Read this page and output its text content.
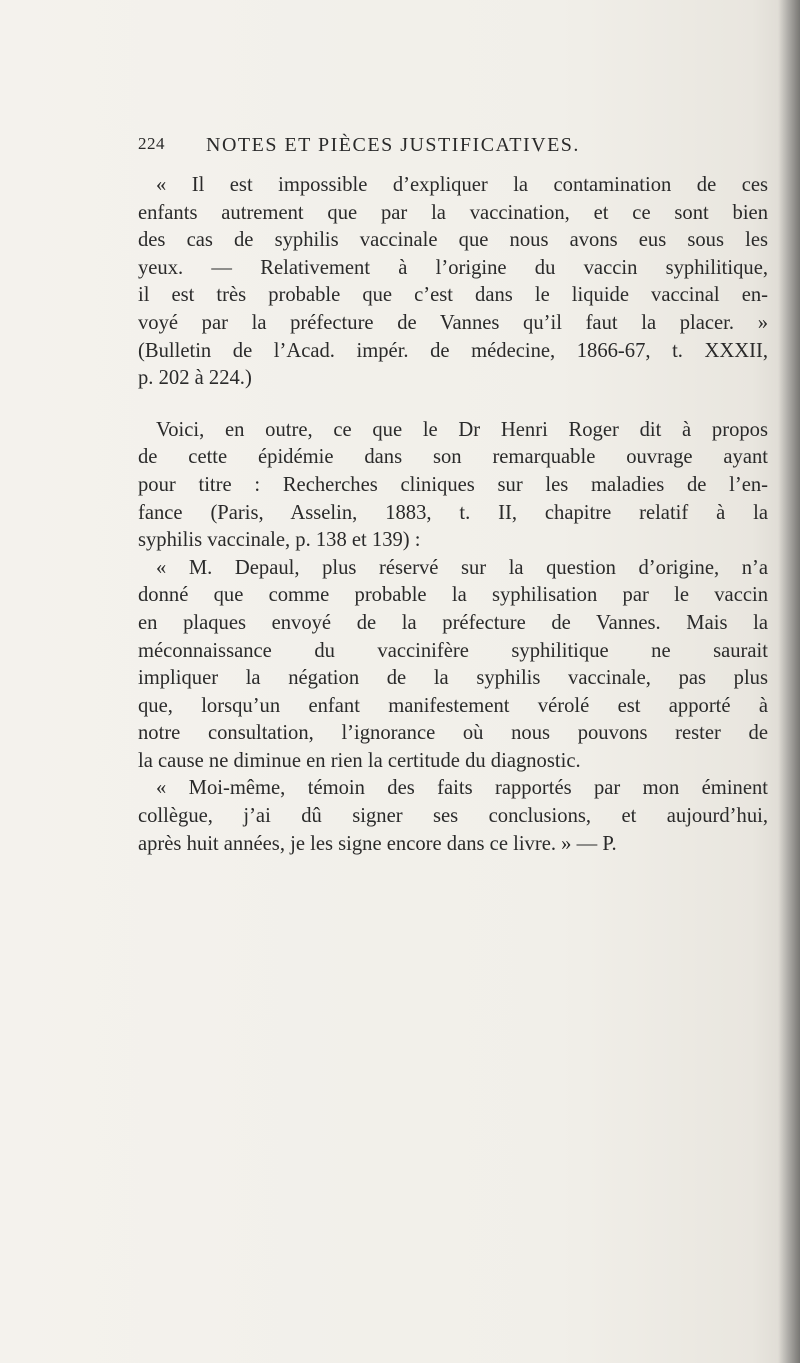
224 NOTES ET PIÈCES JUSTIFICATIVES.
« Il est impossible d’expliquer la contamination de ces
enfants autrement que par la vaccination, et ce sont bien
des cas de syphilis vaccinale que nous avons eus sous les
yeux. — Relativement à l’origine du vaccin syphilitique,
il est très probable que c’est dans le liquide vaccinal en-
voyé par la préfecture de Vannes qu’il faut la placer. »
(Bulletin de l’Acad. impér. de médecine, 1866-67, t. XXXII,
p. 202 à 224.)
Voici, en outre, ce que le Dr Henri Roger dit à propos
de cette épidémie dans son remarquable ouvrage ayant
pour titre : Recherches cliniques sur les maladies de l’en-
fance (Paris, Asselin, 1883, t. II, chapitre relatif à la
syphilis vaccinale, p. 138 et 139) :
« M. Depaul, plus réservé sur la question d’origine, n’a
donné que comme probable la syphilisation par le vaccin
en plaques envoyé de la préfecture de Vannes. Mais la
méconnaissance du vaccinifère syphilitique ne saurait
impliquer la négation de la syphilis vaccinale, pas plus
que, lorsqu’un enfant manifestement vérolé est apporté à
notre consultation, l’ignorance où nous pouvons rester de
la cause ne diminue en rien la certitude du diagnostic.
« Moi-même, témoin des faits rapportés par mon éminent
collègue, j’ai dû signer ses conclusions, et aujourd’hui,
après huit années, je les signe encore dans ce livre. » — P.
